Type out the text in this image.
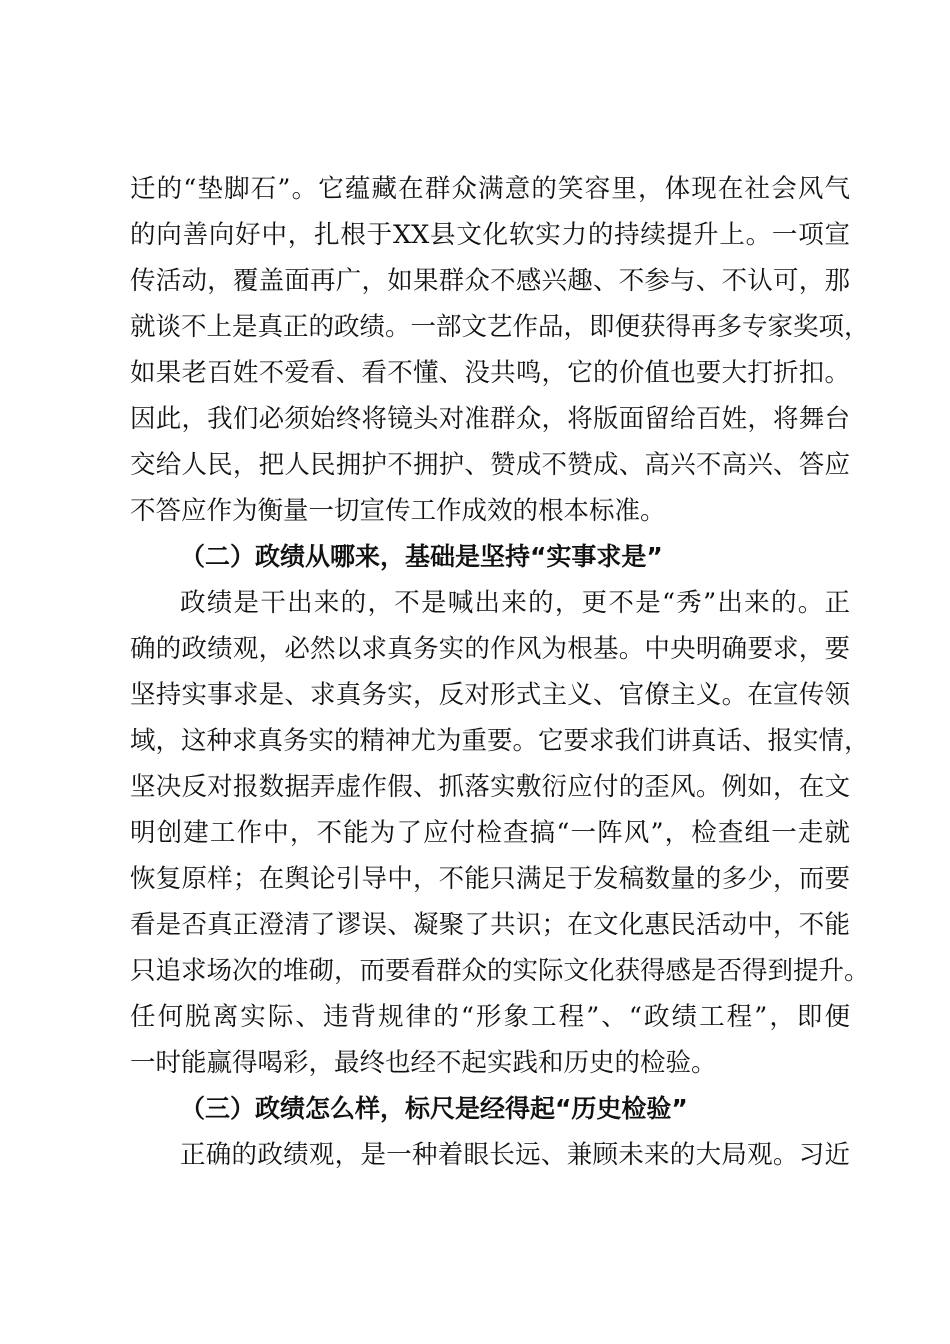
迁的“垫脚石”。它蕴藏在群众满意的笑容里，体现在社会风气
的向善向好中，扎根于XX县文化软实力的持续提升上。一项宣
传活动，覆盖面再广，如果群众不感兴趣、不参与、不认可，那
就谈不上是真正的政绩。一部文艺作品，即便获得再多专家奖项，
如果老百姓不爱看、看不懂、没共鸣，它的价值也要大打折扣。
因此，我们必须始终将镜头对准群众，将版面留给百姓，将舞台
交给人民，把人民拥护不拥护、赞成不赞成、高兴不高兴、答应
不答应作为衡量一切宣传工作成效的根本标准。
（二）政绩从哪来，基础是坚持“实事求是”
政绩是干出来的，不是喊出来的，更不是“秀”出来的。正
确的政绩观，必然以求真务实的作风为根基。中央明确要求，要
坚持实事求是、求真务实，反对形式主义、官僚主义。在宣传领
域，这种求真务实的精神尤为重要。它要求我们讲真话、报实情，
坚决反对报数据弄虚作假、抓落实敷衍应付的歪风。例如，在文
明创建工作中，不能为了应付检查搞“一阵风”，检查组一走就
恢复原样；在舆论引导中，不能只满足于发稿数量的多少，而要
看是否真正澄清了谬误、凝聚了共识；在文化惠民活动中，不能
只追求场次的堆砌，而要看群众的实际文化获得感是否得到提升。
任何脱离实际、违背规律的“形象工程”、“政绩工程”，即便
一时能赢得喝彩，最终也经不起实践和历史的检验。
（三）政绩怎么样，标尺是经得起“历史检验”
正确的政绩观，是一种着眼长远、兼顾未来的大局观。习近
